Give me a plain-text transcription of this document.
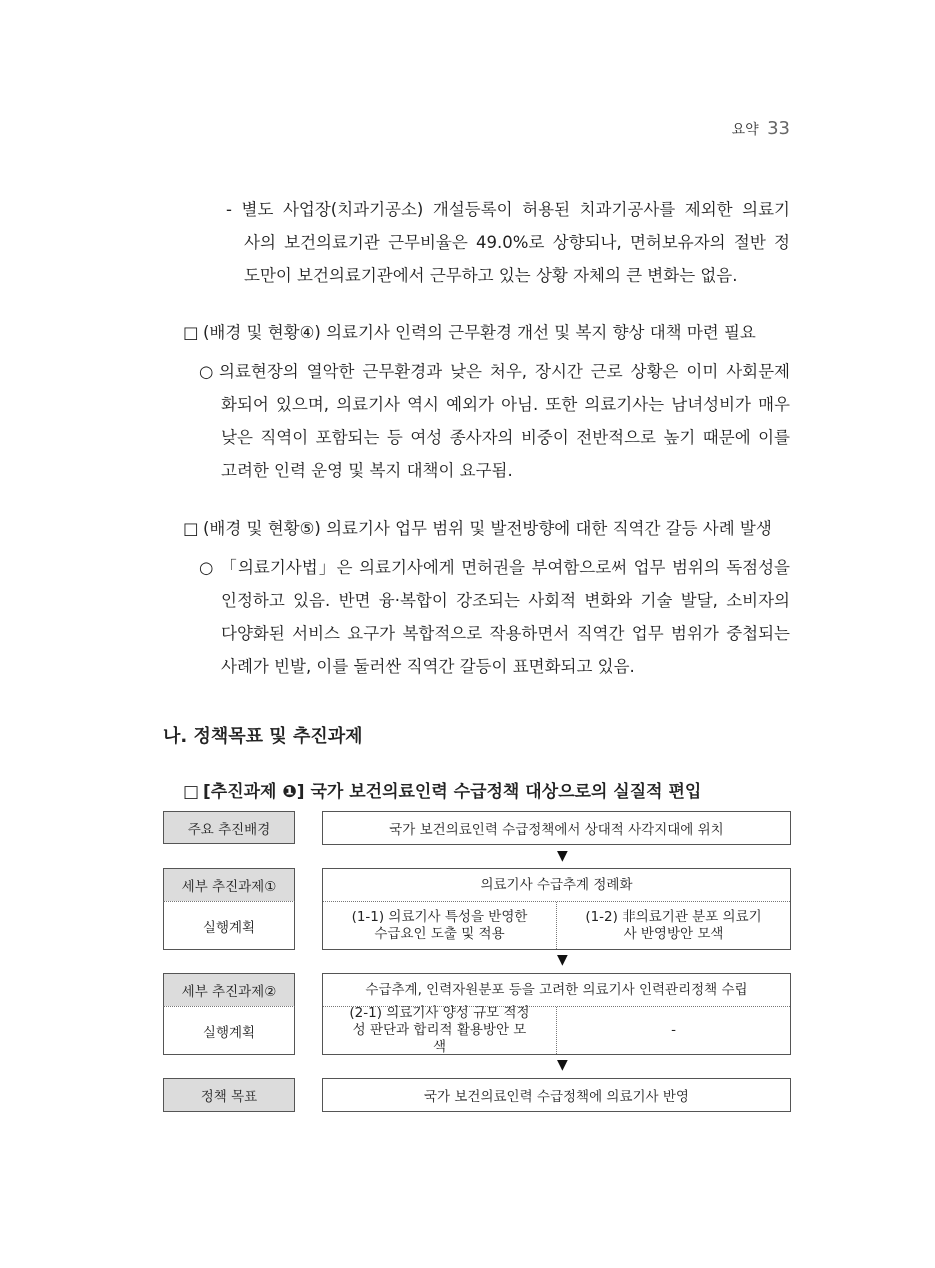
요약 33
- 별도 사업장(치과기공소) 개설등록이 허용된 치과기공사를 제외한 의료기
사의 보건의료기관 근무비율은 49.0%로 상향되나, 면허보유자의 절반 정
도만이 보건의료기관에서 근무하고 있는 상황 자체의 큰 변화는 없음.
□ (배경 및 현황④) 의료기사 인력의 근무환경 개선 및 복지 향상 대책 마련 필요
○ 의료현장의 열악한 근무환경과 낮은 처우, 장시간 근로 상황은 이미 사회문제
화되어 있으며, 의료기사 역시 예외가 아님. 또한 의료기사는 남녀성비가 매우
낮은 직역이 포함되는 등 여성 종사자의 비중이 전반적으로 높기 때문에 이를
고려한 인력 운영 및 복지 대책이 요구됨.
□ (배경 및 현황⑤) 의료기사 업무 범위 및 발전방향에 대한 직역간 갈등 사례 발생
○ 「의료기사법」은 의료기사에게 면허권을 부여함으로써 업무 범위의 독점성을
인정하고 있음. 반면 융·복합이 강조되는 사회적 변화와 기술 발달, 소비자의
다양화된 서비스 요구가 복합적으로 작용하면서 직역간 업무 범위가 중첩되는
사례가 빈발, 이를 둘러싼 직역간 갈등이 표면화되고 있음.
나. 정책목표 및 추진과제
□ [추진과제 ❶] 국가 보건의료인력 수급정책 대상으로의 실질적 편입
주요 추진배경	국가 보건의료인력 수급정책에서 상대적 사각지대에 위치
▼
세부 추진과제①
실행계획
의료기사 수급추계 정례화
(1-1) 의료기사 특성을 반영한 수급요인 도출 및 적용
(1-2) 非의료기관 분포 의료기사 반영방안 모색
▼
세부 추진과제②
실행계획
수급추계, 인력자원분포 등을 고려한 의료기사 인력관리정책 수립
(2-1) 의료기사 양성 규모 적정성 판단과 합리적 활용방안 모색
-
▼
정책 목표	국가 보건의료인력 수급정책에 의료기사 반영
